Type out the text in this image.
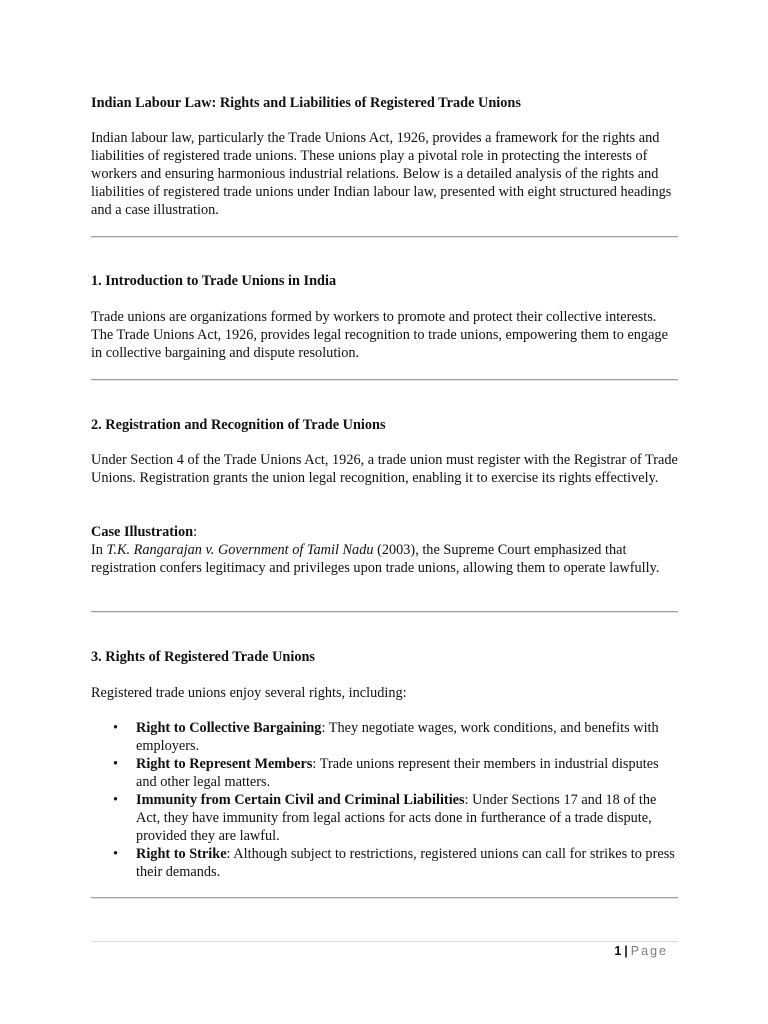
Indian Labour Law: Rights and Liabilities of Registered Trade Unions
Indian labour law, particularly the Trade Unions Act, 1926, provides a framework for the rights and liabilities of registered trade unions. These unions play a pivotal role in protecting the interests of workers and ensuring harmonious industrial relations. Below is a detailed analysis of the rights and liabilities of registered trade unions under Indian labour law, presented with eight structured headings and a case illustration.
1. Introduction to Trade Unions in India
Trade unions are organizations formed by workers to promote and protect their collective interests. The Trade Unions Act, 1926, provides legal recognition to trade unions, empowering them to engage in collective bargaining and dispute resolution.
2. Registration and Recognition of Trade Unions
Under Section 4 of the Trade Unions Act, 1926, a trade union must register with the Registrar of Trade Unions. Registration grants the union legal recognition, enabling it to exercise its rights effectively.
Case Illustration:
In T.K. Rangarajan v. Government of Tamil Nadu (2003), the Supreme Court emphasized that registration confers legitimacy and privileges upon trade unions, allowing them to operate lawfully.
3. Rights of Registered Trade Unions
Registered trade unions enjoy several rights, including:
• Right to Collective Bargaining: They negotiate wages, work conditions, and benefits with employers.
• Right to Represent Members: Trade unions represent their members in industrial disputes and other legal matters.
• Immunity from Certain Civil and Criminal Liabilities: Under Sections 17 and 18 of the Act, they have immunity from legal actions for acts done in furtherance of a trade dispute, provided they are lawful.
• Right to Strike: Although subject to restrictions, registered unions can call for strikes to press their demands.
1 | Page
